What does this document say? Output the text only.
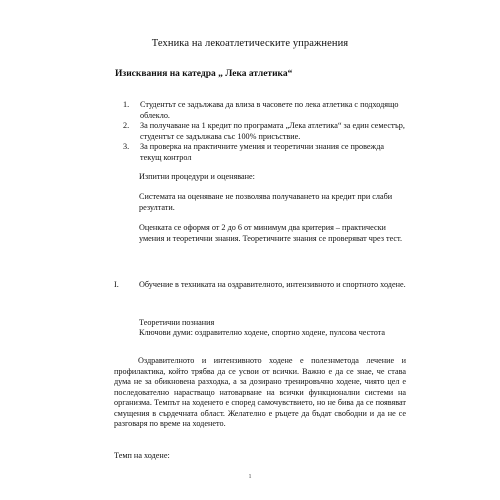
Техника на лекоатлетическите упражнения
Изисквания на катедра „ Лека атлетика“
1. Студентът се задължава да влиза в часовете по лека атлетика с подходящо облекло.
2. За получаване на 1 кредит по програмата „Лека атлетика“ за един семестър, студентът се задължава със 100% присъствие.
3. За проверка на практичните умения и теоретични знания се провежда текущ контрол

Изпитни процедури и оценяване:

Системата на оценяване не позволява получаването на кредит при слаби резултати.

Оценката се оформя от 2 до 6 от минимум два критерия – практически умения и теоретични знания. Теоретичните знания се проверяват чрез тест.

I. Обучение в техниката на оздравителното, интензивното и спортното ходене.

Теоретични познания

Ключови думи: оздравително ходене, спортно ходене, пулсова честота

Оздравителното и интензивното ходене е полезнметода лечение и профилактика, който трябва да се усвои от всички. Важно е да се знае, че става дума не за обикновена разходка, а за дозирано тренировъчно ходене, чиято цел е последователно нарастващо натоварване на всички функционални системи на организма. Темпът на ходенето е според самочувствието, но не бива да се появяват смущения в сърдечната област. Желателно е ръцете да бъдат свободни и да не се разговаря по време на ходенето.

Темп на ходене:

1
